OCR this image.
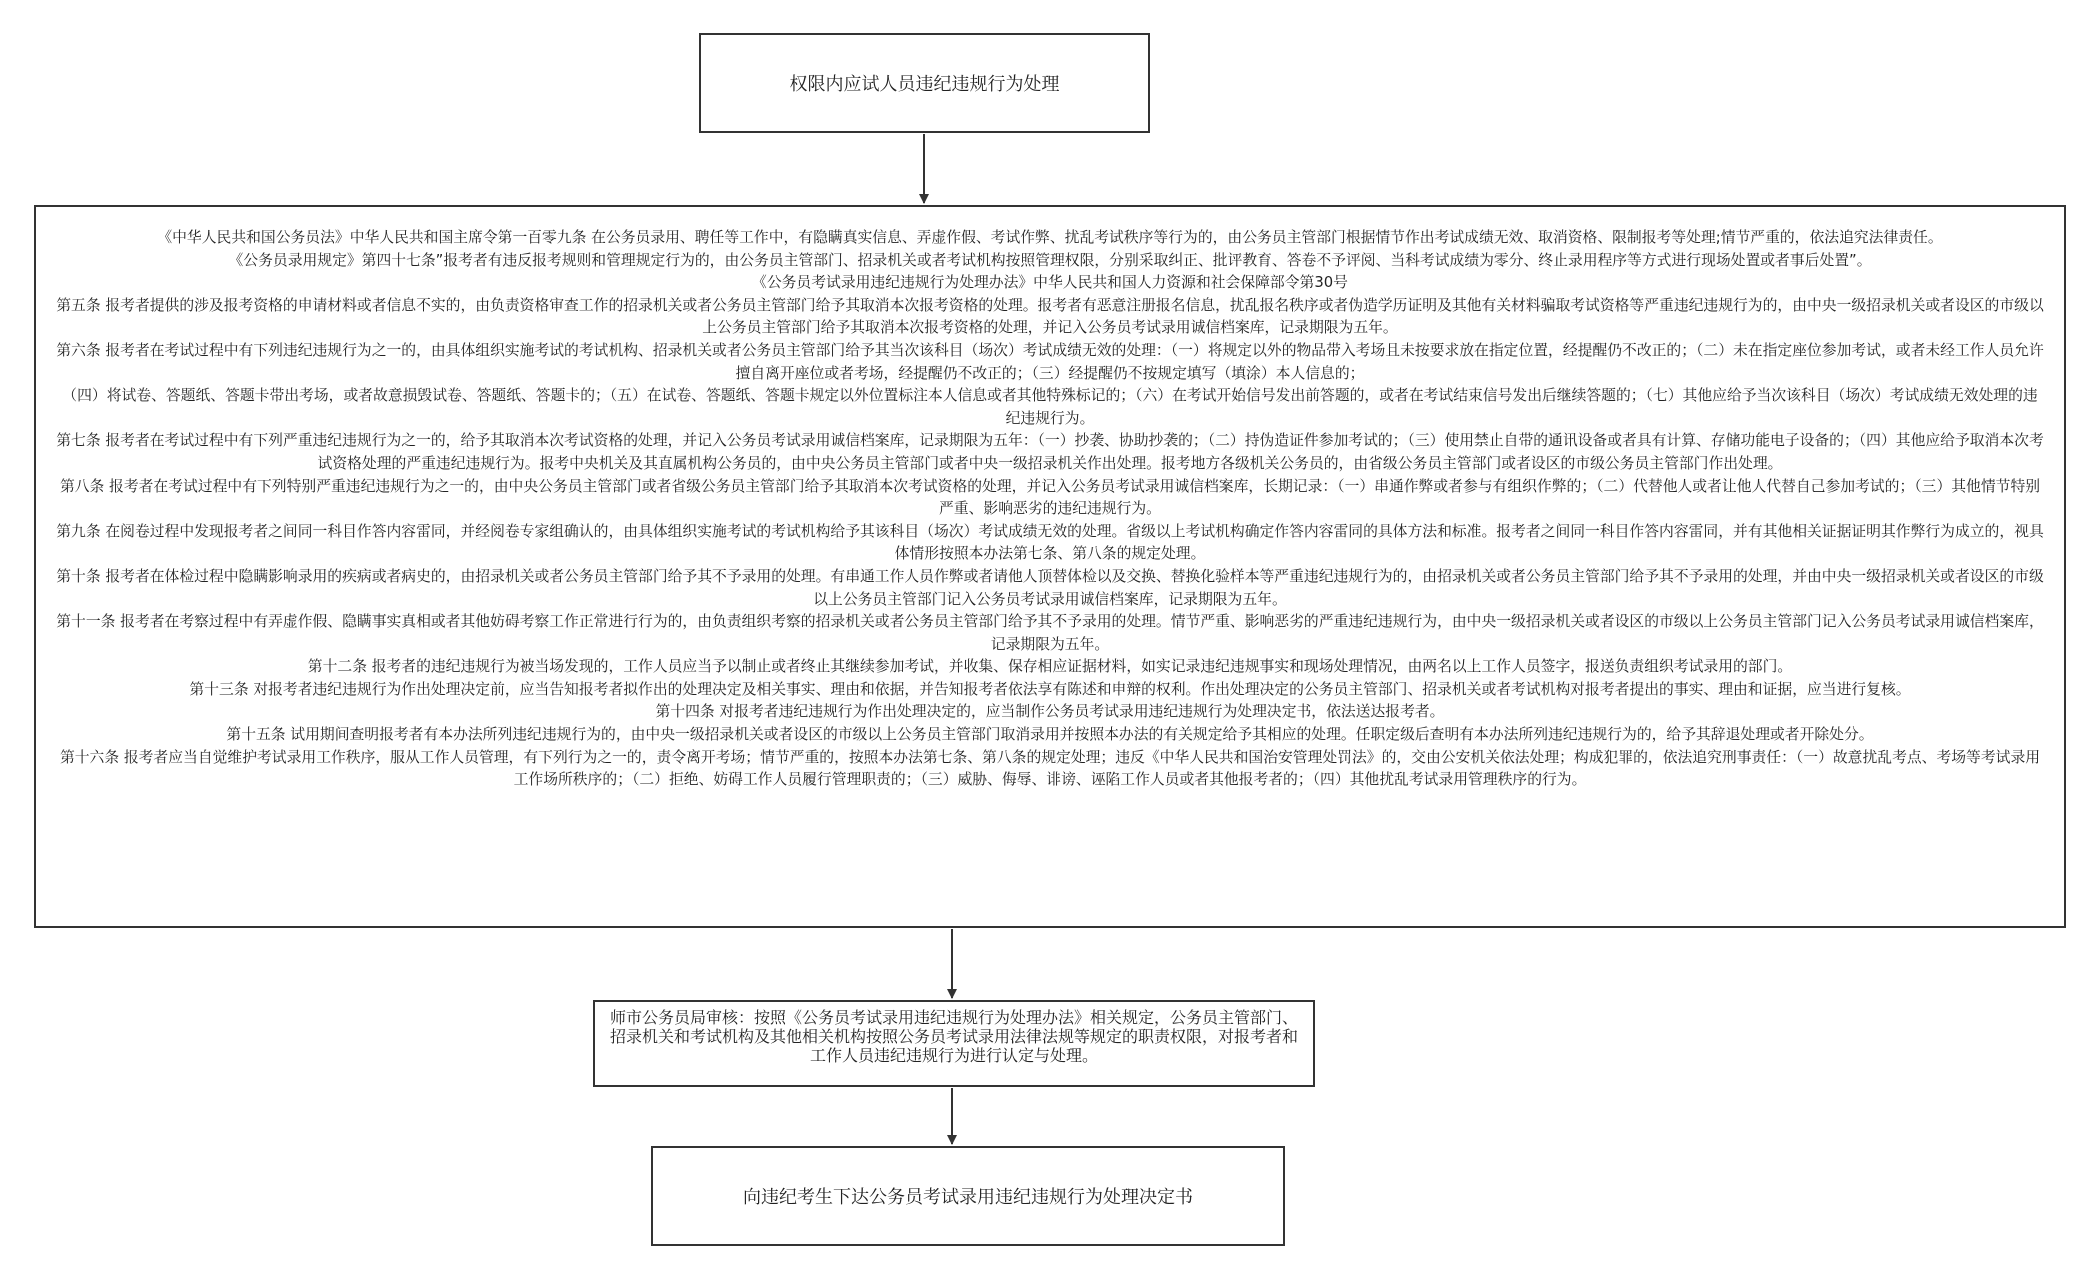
权限内应试人员违纪违规行为处理

《中华人民共和国公务员法》中华人民共和国主席令第一百零九条 在公务员录用、聘任等工作中，有隐瞒真实信息、弄虚作假、考试作弊、扰乱考试秩序等行为的，由公务员主管部门根据情节作出考试成绩无效、取消资格、限制报考等处理;情节严重的，依法追究法律责任。

《公务员录用规定》第四十七条”报考者有违反报考规则和管理规定行为的，由公务员主管部门、招录机关或者考试机构按照管理权限，分别采取纠正、批评教育、答卷不予评阅、当科考试成绩为零分、终止录用程序等方式进行现场处置或者事后处置”。

《公务员考试录用违纪违规行为处理办法》中华人民共和国人力资源和社会保障部令第30号

第五条 报考者提供的涉及报考资格的申请材料或者信息不实的，由负责资格审查工作的招录机关或者公务员主管部门给予其取消本次报考资格的处理。报考者有恶意注册报名信息，扰乱报名秩序或者伪造学历证明及其他有关材料骗取考试资格等严重违纪违规行为的，由中央一级招录机关或者设区的市级以上公务员主管部门给予其取消本次报考资格的处理，并记入公务员考试录用诚信档案库，记录期限为五年。

第六条 报考者在考试过程中有下列违纪违规行为之一的，由具体组织实施考试的考试机构、招录机关或者公务员主管部门给予其当次该科目（场次）考试成绩无效的处理：（一）将规定以外的物品带入考场且未按要求放在指定位置，经提醒仍不改正的；（二）未在指定座位参加考试，或者未经工作人员允许擅自离开座位或者考场，经提醒仍不改正的；（三）经提醒仍不按规定填写（填涂）本人信息的；

（四）将试卷、答题纸、答题卡带出考场，或者故意损毁试卷、答题纸、答题卡的；（五）在试卷、答题纸、答题卡规定以外位置标注本人信息或者其他特殊标记的；（六）在考试开始信号发出前答题的，或者在考试结束信号发出后继续答题的；（七）其他应给予当次该科目（场次）考试成绩无效处理的违纪违规行为。

第七条 报考者在考试过程中有下列严重违纪违规行为之一的，给予其取消本次考试资格的处理，并记入公务员考试录用诚信档案库，记录期限为五年：（一）抄袭、协助抄袭的；（二）持伪造证件参加考试的；（三）使用禁止自带的通讯设备或者具有计算、存储功能电子设备的；（四）其他应给予取消本次考试资格处理的严重违纪违规行为。报考中央机关及其直属机构公务员的，由中央公务员主管部门或者中央一级招录机关作出处理。报考地方各级机关公务员的，由省级公务员主管部门或者设区的市级公务员主管部门作出处理。

第八条 报考者在考试过程中有下列特别严重违纪违规行为之一的，由中央公务员主管部门或者省级公务员主管部门给予其取消本次考试资格的处理，并记入公务员考试录用诚信档案库，长期记录：（一）串通作弊或者参与有组织作弊的；（二）代替他人或者让他人代替自己参加考试的；（三）其他情节特别严重、影响恶劣的违纪违规行为。

第九条 在阅卷过程中发现报考者之间同一科目作答内容雷同，并经阅卷专家组确认的，由具体组织实施考试的考试机构给予其该科目（场次）考试成绩无效的处理。省级以上考试机构确定作答内容雷同的具体方法和标准。报考者之间同一科目作答内容雷同，并有其他相关证据证明其作弊行为成立的，视具体情形按照本办法第七条、第八条的规定处理。

第十条 报考者在体检过程中隐瞒影响录用的疾病或者病史的，由招录机关或者公务员主管部门给予其不予录用的处理。有串通工作人员作弊或者请他人顶替体检以及交换、替换化验样本等严重违纪违规行为的，由招录机关或者公务员主管部门给予其不予录用的处理，并由中央一级招录机关或者设区的市级以上公务员主管部门记入公务员考试录用诚信档案库，记录期限为五年。

第十一条 报考者在考察过程中有弄虚作假、隐瞒事实真相或者其他妨碍考察工作正常进行行为的，由负责组织考察的招录机关或者公务员主管部门给予其不予录用的处理。情节严重、影响恶劣的严重违纪违规行为，由中央一级招录机关或者设区的市级以上公务员主管部门记入公务员考试录用诚信档案库，记录期限为五年。

第十二条 报考者的违纪违规行为被当场发现的，工作人员应当予以制止或者终止其继续参加考试，并收集、保存相应证据材料，如实记录违纪违规事实和现场处理情况，由两名以上工作人员签字，报送负责组织考试录用的部门。

第十三条 对报考者违纪违规行为作出处理决定前，应当告知报考者拟作出的处理决定及相关事实、理由和依据，并告知报考者依法享有陈述和申辩的权利。作出处理决定的公务员主管部门、招录机关或者考试机构对报考者提出的事实、理由和证据，应当进行复核。

第十四条 对报考者违纪违规行为作出处理决定的，应当制作公务员考试录用违纪违规行为处理决定书，依法送达报考者。

第十五条 试用期间查明报考者有本办法所列违纪违规行为的，由中央一级招录机关或者设区的市级以上公务员主管部门取消录用并按照本办法的有关规定给予其相应的处理。任职定级后查明有本办法所列违纪违规行为的，给予其辞退处理或者开除处分。

第十六条 报考者应当自觉维护考试录用工作秩序，服从工作人员管理，有下列行为之一的，责令离开考场；情节严重的，按照本办法第七条、第八条的规定处理；违反《中华人民共和国治安管理处罚法》的，交由公安机关依法处理；构成犯罪的，依法追究刑事责任：（一）故意扰乱考点、考场等考试录用工作场所秩序的；（二）拒绝、妨碍工作人员履行管理职责的；（三）威胁、侮辱、诽谤、诬陷工作人员或者其他报考者的；（四）其他扰乱考试录用管理秩序的行为。

师市公务员局审核：按照《公务员考试录用违纪违规行为处理办法》相关规定，公务员主管部门、招录机关和考试机构及其他相关机构按照公务员考试录用法律法规等规定的职责权限，对报考者和工作人员违纪违规行为进行认定与处理。
向违纪考生下达公务员考试录用违纪违规行为处理决定书
